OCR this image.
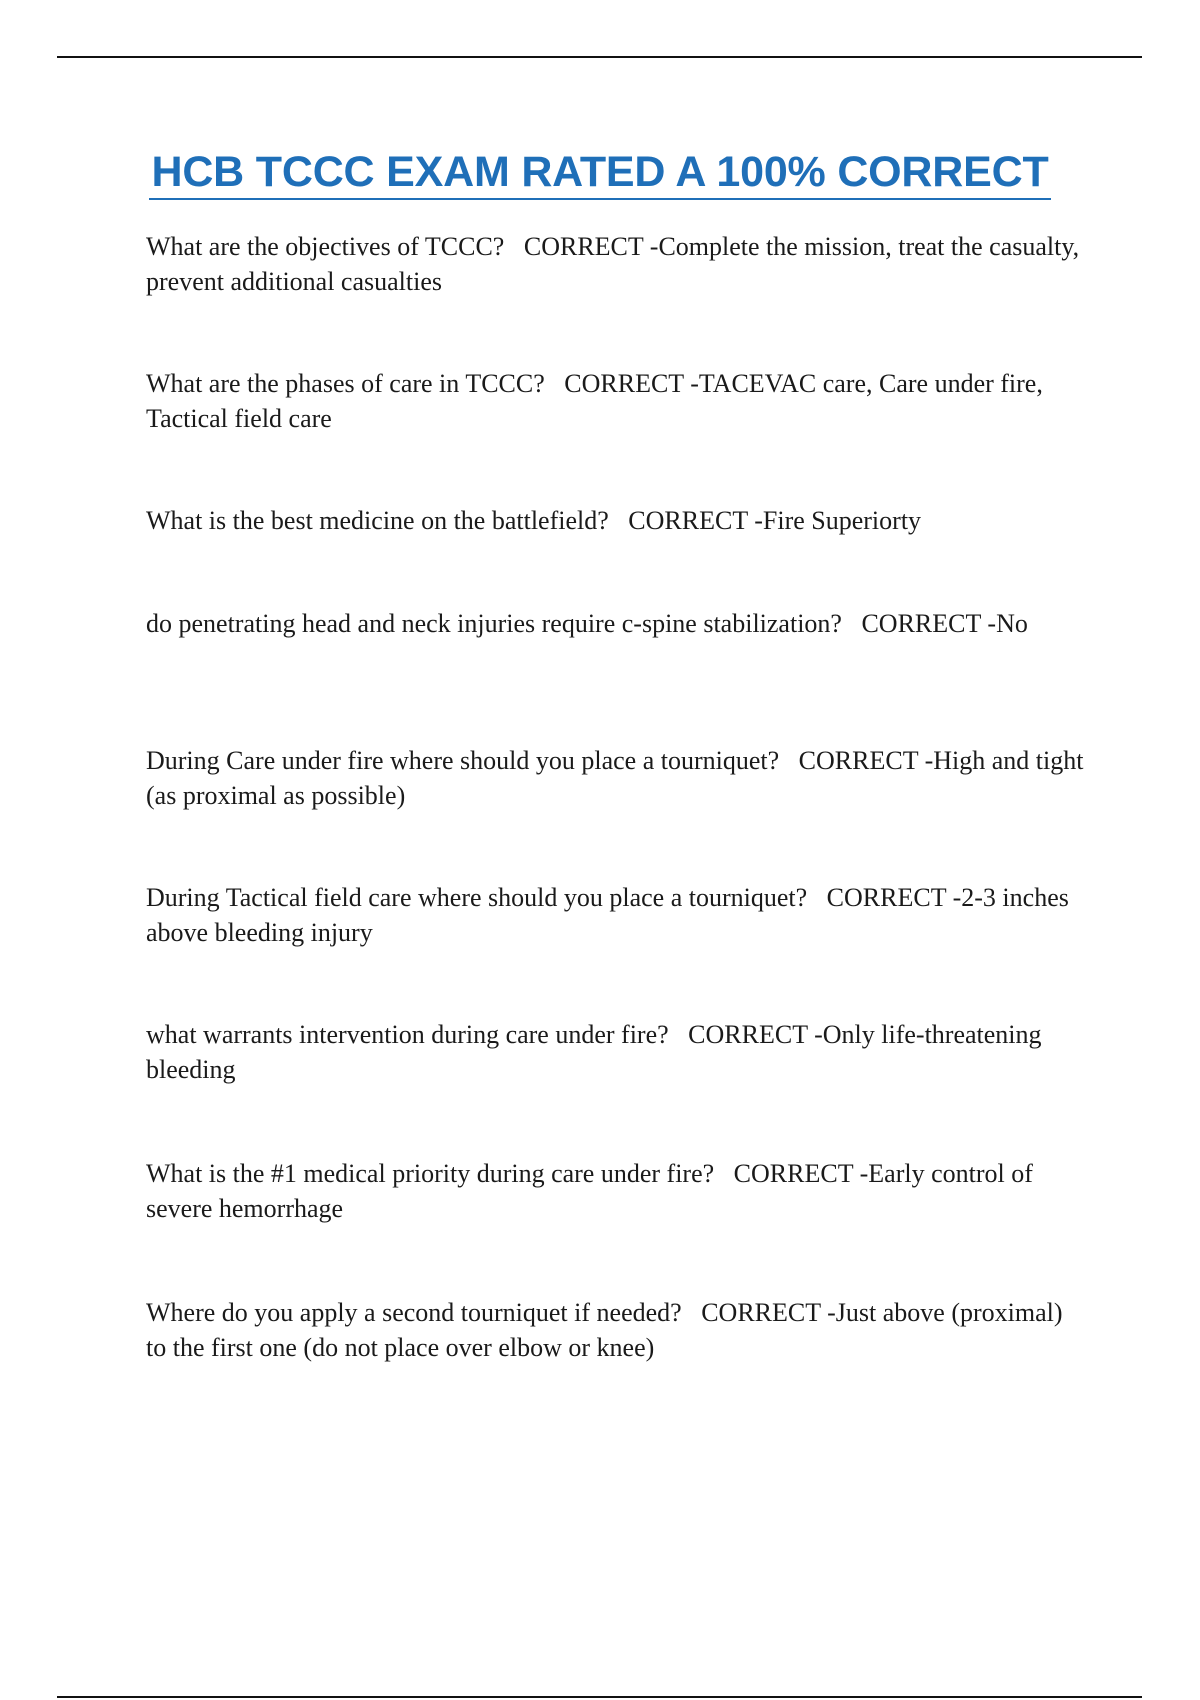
HCB TCCC EXAM RATED A 100% CORRECT

What are the objectives of TCCC? CORRECT -Complete the mission, treat the casualty, prevent additional casualties

What are the phases of care in TCCC? CORRECT -TACEVAC care, Care under fire, Tactical field care

What is the best medicine on the battlefield? CORRECT -Fire Superiorty

do penetrating head and neck injuries require c-spine stabilization? CORRECT -No

During Care under fire where should you place a tourniquet? CORRECT -High and tight (as proximal as possible)

During Tactical field care where should you place a tourniquet? CORRECT -2-3 inches above bleeding injury

what warrants intervention during care under fire? CORRECT -Only life-threatening bleeding

What is the #1 medical priority during care under fire? CORRECT -Early control of severe hemorrhage

Where do you apply a second tourniquet if needed? CORRECT -Just above (proximal) to the first one (do not place over elbow or knee)
